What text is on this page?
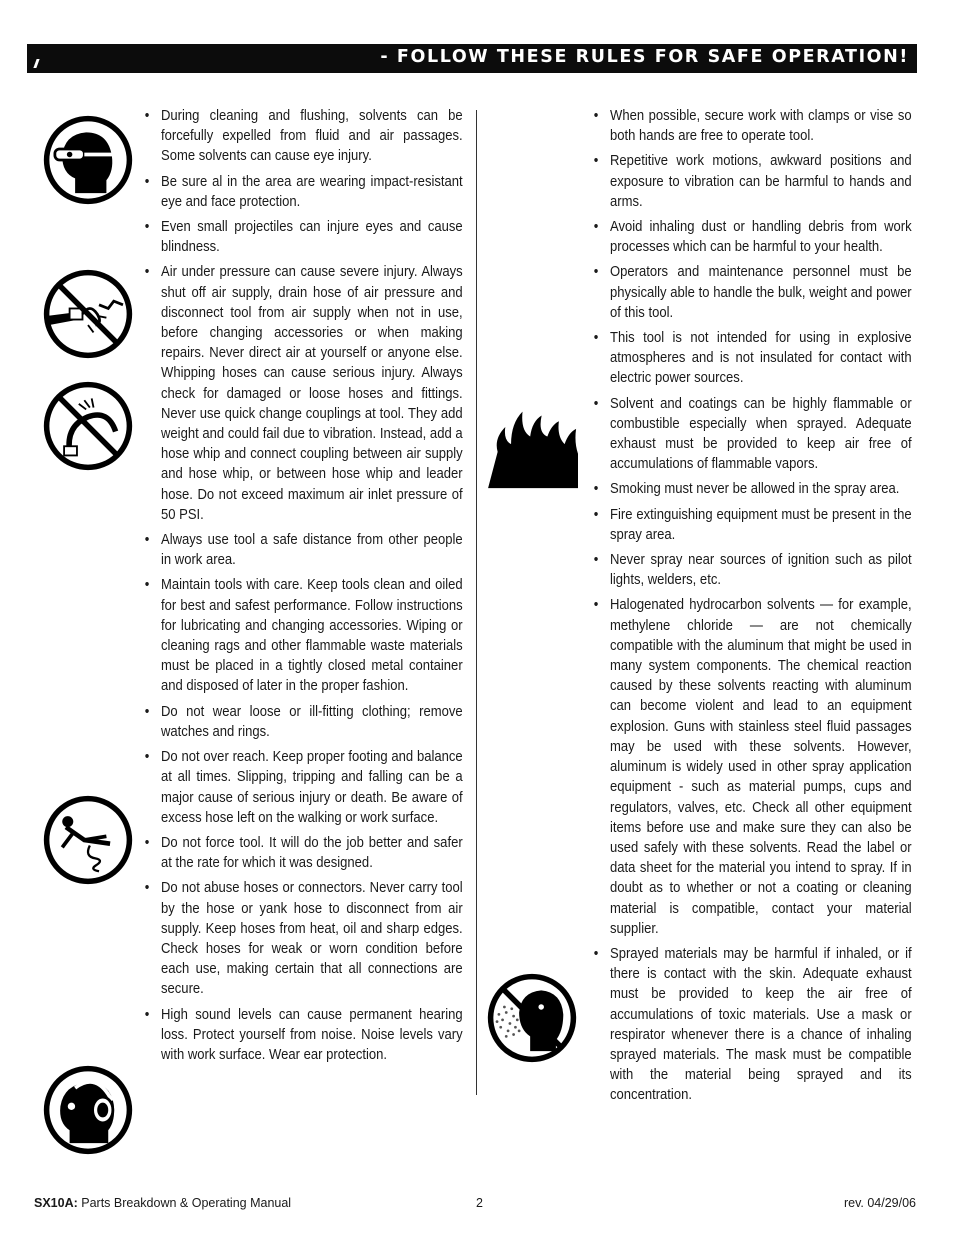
- FOLLOW THESE RULES FOR SAFE OPERATION!
• During cleaning and flushing, solvents can be forcefully expelled from fluid and air passages. Some solvents can cause eye injury.
• Be sure al in the area are wearing impact-resistant eye and face protection.
• Even small projectiles can injure eyes and cause blindness.
• Air under pressure can cause severe injury. Always shut off air supply, drain hose of air pressure and disconnect tool from air supply when not in use, before changing accessories or when making repairs. Never direct air at yourself or anyone else. Whipping hoses can cause serious injury. Always check for damaged or loose hoses and fittings. Never use quick change couplings at tool. They add weight and could fail due to vibration. Instead, add a hose whip and connect coupling between air supply and hose whip, or between hose whip and leader hose. Do not exceed maximum air inlet pressure of 50 PSI.
• Always use tool a safe distance from other people in work area.
• Maintain tools with care. Keep tools clean and oiled for best and safest performance. Follow instructions for lubricating and changing accessories. Wiping or cleaning rags and other flammable waste materials must be placed in a tightly closed metal container and disposed of later in the proper fashion.
• Do not wear loose or ill-fitting clothing; remove watches and rings.
• Do not over reach. Keep proper footing and balance at all times. Slipping, tripping and falling can be a major cause of serious injury or death. Be aware of excess hose left on the walking or work surface.
• Do not force tool. It will do the job better and safer at the rate for which it was designed.
• Do not abuse hoses or connectors. Never carry tool by the hose or yank hose to disconnect from air supply. Keep hoses from heat, oil and sharp edges. Check hoses for weak or worn condition before each use, making certain that all connections are secure.
• High sound levels can cause permanent hearing loss. Protect yourself from noise. Noise levels vary with work surface. Wear ear protection.
• When possible, secure work with clamps or vise so both hands are free to operate tool.
• Repetitive work motions, awkward positions and exposure to vibration can be harmful to hands and arms.
• Avoid inhaling dust or handling debris from work processes which can be harmful to your health.
• Operators and maintenance personnel must be physically able to handle the bulk, weight and power of this tool.
• This tool is not intended for using in explosive atmospheres and is not insulated for contact with electric power sources.
• Solvent and coatings can be highly flammable or combustible especially when sprayed. Adequate exhaust must be provided to keep air free of accumulations of flammable vapors.
• Smoking must never be allowed in the spray area.
• Fire extinguishing equipment must be present in the spray area.
• Never spray near sources of ignition such as pilot lights, welders, etc.
• Halogenated hydrocarbon solvents — for example, methylene chloride — are not chemically compatible with the aluminum that might be used in many system components. The chemical reaction caused by these solvents reacting with aluminum can become violent and lead to an equipment explosion. Guns with stainless steel fluid passages may be used with these solvents. However, aluminum is widely used in other spray application equipment - such as material pumps, cups and regulators, valves, etc. Check all other equipment items before use and make sure they can also be used safely with these solvents. Read the label or data sheet for the material you intend to spray. If in doubt as to whether or not a coating or cleaning material is compatible, contact your material supplier.
• Sprayed materials may be harmful if inhaled, or if there is contact with the skin. Adequate exhaust must be provided to keep the air free of accumulations of toxic materials. Use a mask or respirator whenever there is a chance of inhaling sprayed materials. The mask must be compatible with the material being sprayed and its concentration.
SX10A: Parts Breakdown & Operating Manual	2	rev. 04/29/06
